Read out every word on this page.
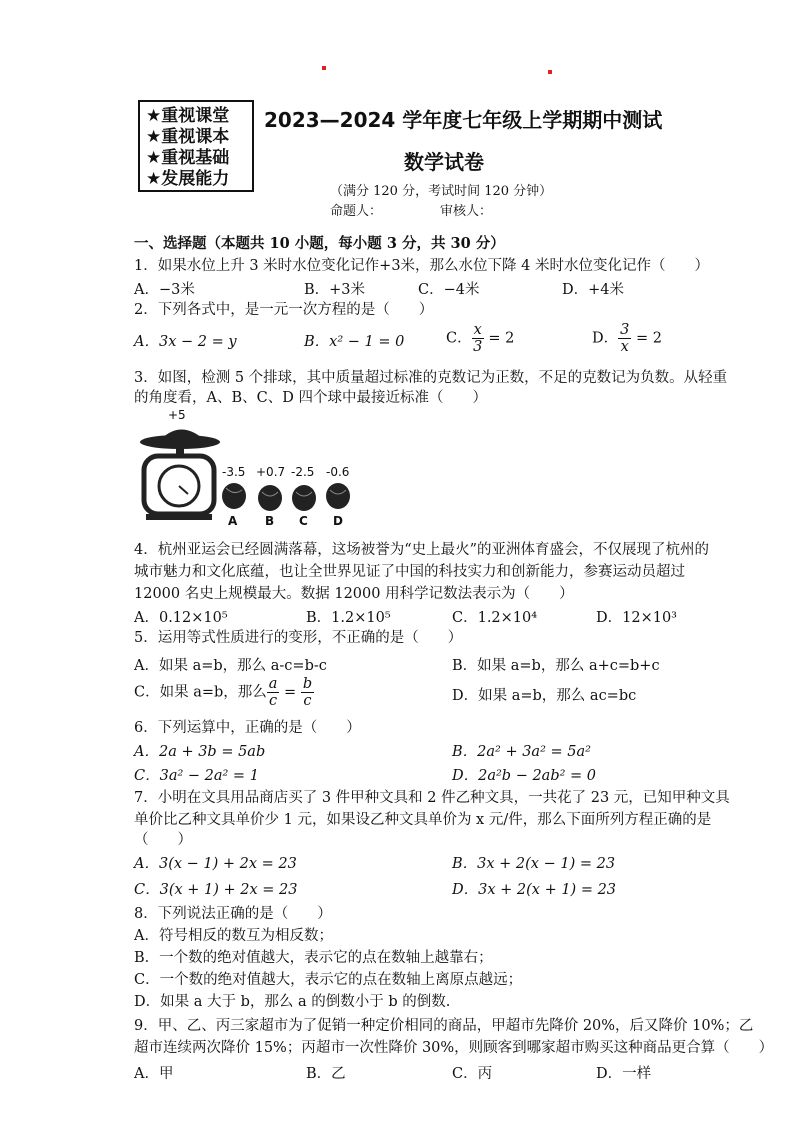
★重视课堂
★重视课本
★重视基础
★发展能力
2023—2024 学年度七年级上学期期中测试
数学试卷
（满分 120 分，考试时间 120 分钟）
命题人：	审核人：
一、选择题（本题共 10 小题，每小题 3 分，共 30 分）
1．如果水位上升 3 米时水位变化记作+3米，那么水位下降 4 米时水位变化记作（　　）
A．−3米	B．+3米	C．−4米	D．+4米
2．下列各式中，是一元一次方程的是（　　）
A．3x − 2 = y	B．x² − 1 = 0	C． $\frac{x}{3} = 2$	D． $\frac{3}{x} = 2$
3．如图，检测 5 个排球，其中质量超过标准的克数记为正数，不足的克数记为负数。从轻重
的角度看，A、B、C、D 四个球中最接近标准（　　）
+5
-3.5 +0.7 -2.5 -0.6
A B C D
4．杭州亚运会已经圆满落幕，这场被誉为“史上最火”的亚洲体育盛会，不仅展现了杭州的
城市魅力和文化底蕴，也让全世界见证了中国的科技实力和创新能力，参赛运动员超过
12000 名史上规模最大。数据 12000 用科学记数法表示为（　　）
A．0.12×10⁵	B．1.2×10⁵	C．1.2×10⁴	D．12×10³
5．运用等式性质进行的变形，不正确的是（　　）
A．如果 a=b，那么 a-c=b-c	B．如果 a=b，那么 a+c=b+c
C．如果 a=b，那么 $\frac{a}{c} = \frac{b}{c}$	D．如果 a=b，那么 ac=bc
6．下列运算中，正确的是（　　）
A．2a + 3b = 5ab	B．2a² + 3a² = 5a²
C．3a² − 2a² = 1	D．2a²b − 2ab² = 0
7．小明在文具用品商店买了 3 件甲种文具和 2 件乙种文具，一共花了 23 元，已知甲种文具
单价比乙种文具单价少 1 元，如果设乙种文具单价为 x 元/件，那么下面所列方程正确的是
（　　）
A．3(x − 1) + 2x = 23	B．3x + 2(x − 1) = 23
C．3(x + 1) + 2x = 23	D．3x + 2(x + 1) = 23
8．下列说法正确的是（　　）
A．符号相反的数互为相反数；
B．一个数的绝对值越大，表示它的点在数轴上越靠右；
C．一个数的绝对值越大，表示它的点在数轴上离原点越远；
D．如果 a 大于 b，那么 a 的倒数小于 b 的倒数.
9．甲、乙、丙三家超市为了促销一种定价相同的商品，甲超市先降价 20%，后又降价 10%；乙
超市连续两次降价 15%；丙超市一次性降价 30%，则顾客到哪家超市购买这种商品更合算（　　）
A．甲	B．乙	C．丙	D．一样
